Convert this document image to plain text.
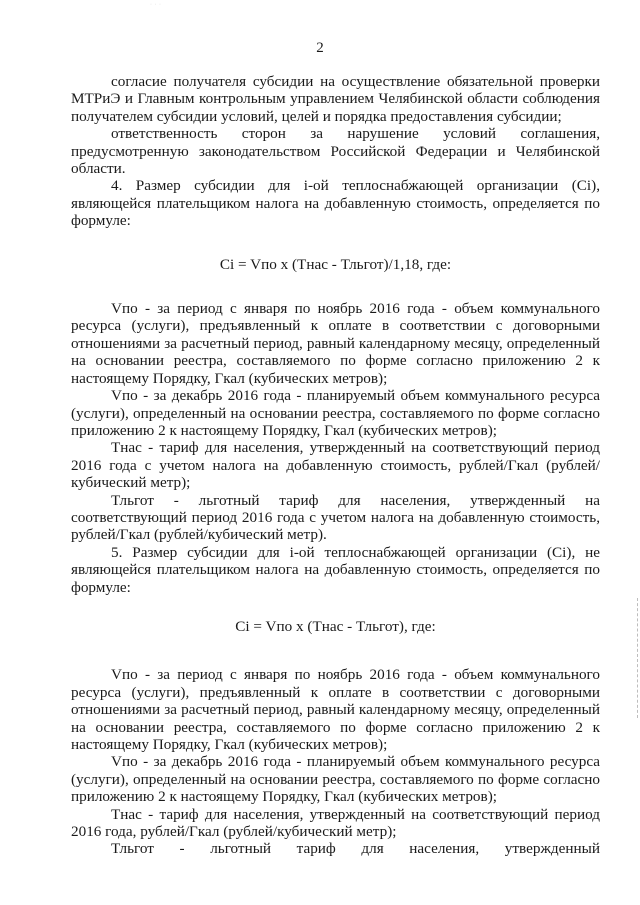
· · ·
2

согласие получателя субсидии на осуществление обязательной проверки МТРиЭ и Главным контрольным управлением Челябинской области соблюдения получателем субсидии условий, целей и порядка предоставления субсидии;

ответственность сторон за нарушение условий соглашения, предусмотренную законодательством Российской Федерации и Челябинской области.

4. Размер субсидии для i-ой теплоснабжающей организации (Ci), являющейся плательщиком налога на добавленную стоимость, определяется по формуле:

Ci = Vпо x (Тнас - Тльгот)/1,18, где:

Vпо - за период с января по ноябрь 2016 года - объем коммунального ресурса (услуги), предъявленный к оплате в соответствии с договорными отношениями за расчетный период, равный календарному месяцу, определенный на основании реестра, составляемого по форме согласно приложению 2 к настоящему Порядку, Гкал (кубических метров);

Vпо - за декабрь 2016 года - планируемый объем коммунального ресурса (услуги), определенный на основании реестра, составляемого по форме согласно приложению 2 к настоящему Порядку, Гкал (кубических метров);

Тнас - тариф для населения, утвержденный на соответствующий период 2016 года с учетом налога на добавленную стоимость, рублей/Гкал (рублей/кубический метр);

Тльгот - льготный тариф для населения, утвержденный на соответствующий период 2016 года с учетом налога на добавленную стоимость, рублей/Гкал (рублей/кубический метр).

5. Размер субсидии для i-ой теплоснабжающей организации (Ci), не являющейся плательщиком налога на добавленную стоимость, определяется по формуле:

Ci = Vпо x (Тнас - Тльгот), где:

Vпо - за период с января по ноябрь 2016 года - объем коммунального ресурса (услуги), предъявленный к оплате в соответствии с договорными отношениями за расчетный период, равный календарному месяцу, определенный на основании реестра, составляемого по форме согласно приложению 2 к настоящему Порядку, Гкал (кубических метров);

Vпо - за декабрь 2016 года - планируемый объем коммунального ресурса (услуги), определенный на основании реестра, составляемого по форме согласно приложению 2 к настоящему Порядку, Гкал (кубических метров);

Тнас - тариф для населения, утвержденный на соответствующий период 2016 года, рублей/Гкал (рублей/кубический метр);

Тльгот - льготный тариф для населения, утвержденный
